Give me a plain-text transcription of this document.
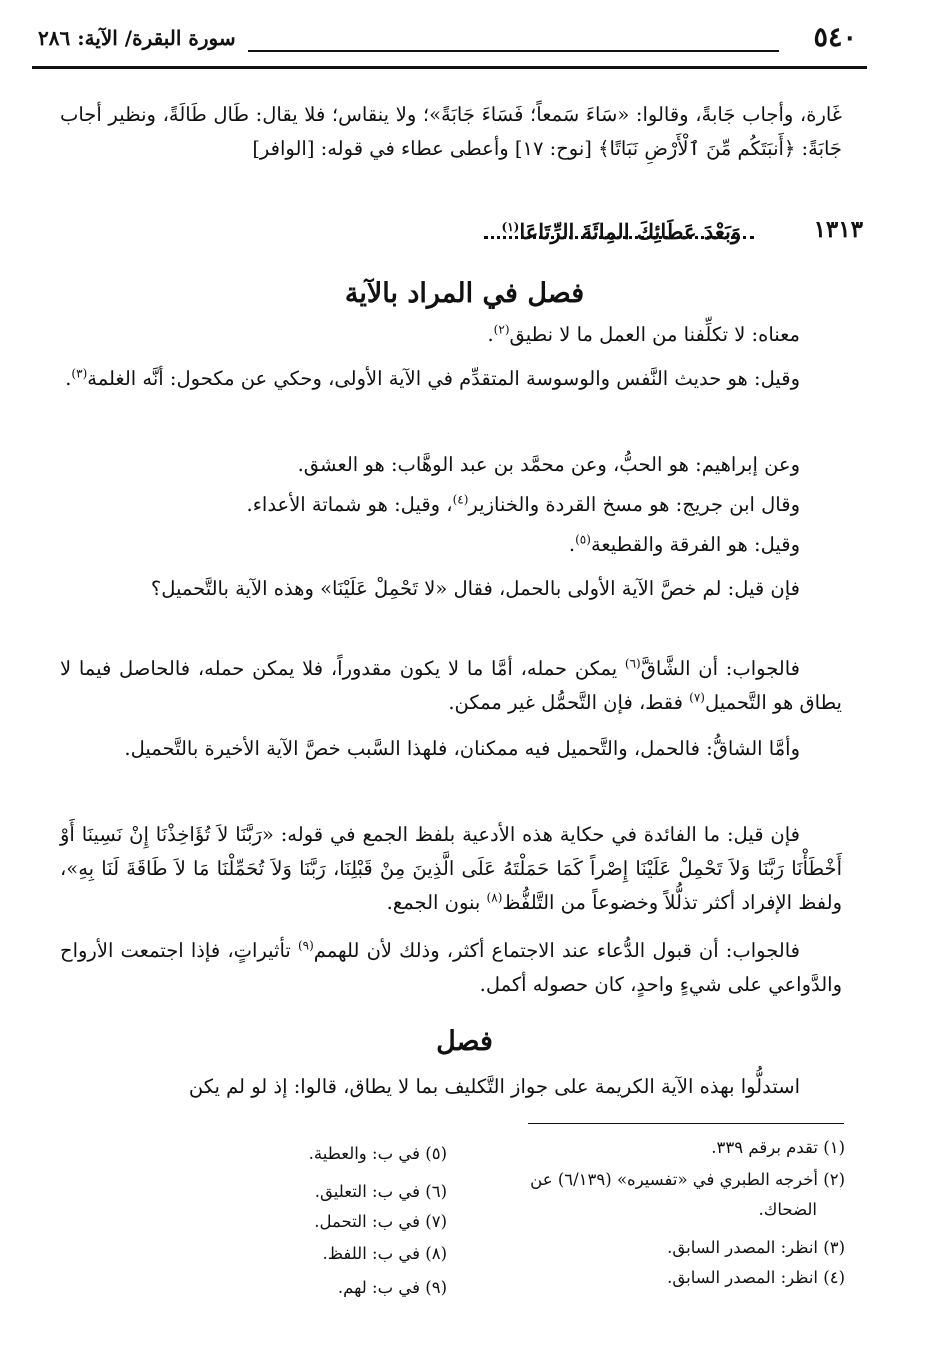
٥٤٠
سورة البقرة/ الآية: ٢٨٦
غَارة، وأجاب جَابةً، وقالوا: «سَاءَ سَمعاً؛ فَسَاءَ جَابَةً»؛ ولا ينقاس؛ فلا يقال: طَال طَالَةً، ونظير أجاب جَابَةً: ﴿أَنبَتَكُم مِّنَ ٱلْأَرْضِ نَبَاتًا﴾ [نوح: ١٧] وأعطى عطاء في قوله: [الوافر]
١٣١٣
وَبَعْدَ عَطَائِكَ المِائَةَ الرِّتَاعَا$^{(١)}$
فصل في المراد بالآية
معناه: لا تكلِّفنا من العمل ما لا نطيق$^{(٢)}$.
وقيل: هو حديث النَّفس والوسوسة المتقدِّم في الآية الأولى، وحكي عن مكحول: أنَّه الغلمة$^{(٣)}$.
وعن إبراهيم: هو الحبُّ، وعن محمَّد بن عبد الوهَّاب: هو العشق.
وقال ابن جريج: هو مسخ القردة والخنازير$^{(٤)}$، وقيل: هو شماتة الأعداء.
وقيل: هو الفرقة والقطيعة$^{(٥)}$.
فإن قيل: لم خصَّ الآية الأولى بالحمل، فقال «لا تَحْمِلْ عَلَيْنَا» وهذه الآية بالتَّحميل؟
فالجواب: أن الشَّاقَّ$^{(٦)}$ يمكن حمله، أمَّا ما لا يكون مقدوراً، فلا يمكن حمله، فالحاصل فيما لا يطاق هو التَّحميل$^{(٧)}$ فقط، فإن التَّحمُّل غير ممكن.
وأمَّا الشاقُّ: فالحمل، والتَّحميل فيه ممكنان، فلهذا السَّبب خصَّ الآية الأخيرة بالتَّحميل.
فإن قيل: ما الفائدة في حكاية هذه الأدعية بلفظ الجمع في قوله: «رَبَّنَا لاَ تُؤَاخِذْنَا إِنْ نَسِينَا أَوْ أَخْطَأْنَا رَبَّنَا وَلاَ تَحْمِلْ عَلَيْنَا إِصْراً كَمَا حَمَلْتَهُ عَلَى الَّذِينَ مِنْ قَبْلِنَا، رَبَّنَا وَلاَ تُحَمِّلْنَا مَا لاَ طَاقَةَ لَنَا بِهِ»، ولفظ الإفراد أكثر تذلُّلاً وخضوعاً من التَّلفُّظ$^{(٨)}$ بنون الجمع.
فالجواب: أن قبول الدُّعاء عند الاجتماع أكثر، وذلك لأن للهمم$^{(٩)}$ تأثيراتٍ، فإذا اجتمعت الأرواح والدَّواعي على شيءٍ واحدٍ، كان حصوله أكمل.
فصل
استدلُّوا بهذه الآية الكريمة على جواز التَّكليف بما لا يطاق، قالوا: إذ لو لم يكن
(١) تقدم برقم ٣٣٩.
(٢) أخرجه الطبري في «تفسيره» (٦/١٣٩) عن
الضحاك.
(٣) انظر: المصدر السابق.
(٤) انظر: المصدر السابق.
(٥) في ب: والعطية.
(٦) في ب: التعليق.
(٧) في ب: التحمل.
(٨) في ب: اللفظ.
(٩) في ب: لهم.
